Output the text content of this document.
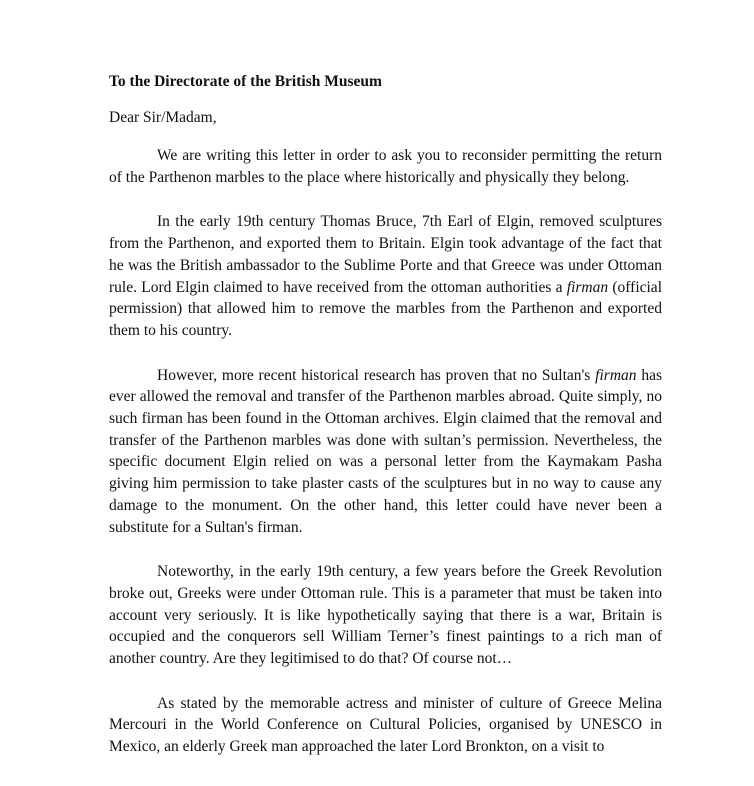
To the Directorate of the British Museum

Dear Sir/Madam,

We are writing this letter in order to ask you to reconsider permitting the return of the Parthenon marbles to the place where historically and physically they belong.

In the early 19th century Thomas Bruce, 7th Earl of Elgin, removed sculptures from the Parthenon, and exported them to Britain. Elgin took advantage of the fact that he was the British ambassador to the Sublime Porte and that Greece was under Ottoman rule. Lord Elgin claimed to have received from the ottoman authorities a firman (official permission) that allowed him to remove the marbles from the Parthenon and exported them to his country.

However, more recent historical research has proven that no Sultan's firman has ever allowed the removal and transfer of the Parthenon marbles abroad. Quite simply, no such firman has been found in the Ottoman archives. Elgin claimed that the removal and transfer of the Parthenon marbles was done with sultan’s permission. Nevertheless, the specific document Elgin relied on was a personal letter from the Kaymakam Pasha giving him permission to take plaster casts of the sculptures but in no way to cause any damage to the monument. On the other hand, this letter could have never been a substitute for a Sultan's firman.

Noteworthy, in the early 19th century, a few years before the Greek Revolution broke out, Greeks were under Ottoman rule. This is a parameter that must be taken into account very seriously. It is like hypothetically saying that there is a war, Britain is occupied and the conquerors sell William Terner’s finest paintings to a rich man of another country. Are they legitimised to do that? Of course not…

As stated by the memorable actress and minister of culture of Greece Melina Mercouri in the World Conference on Cultural Policies, organised by UNESCO in Mexico, an elderly Greek man approached the later Lord Bronkton, on a visit to
